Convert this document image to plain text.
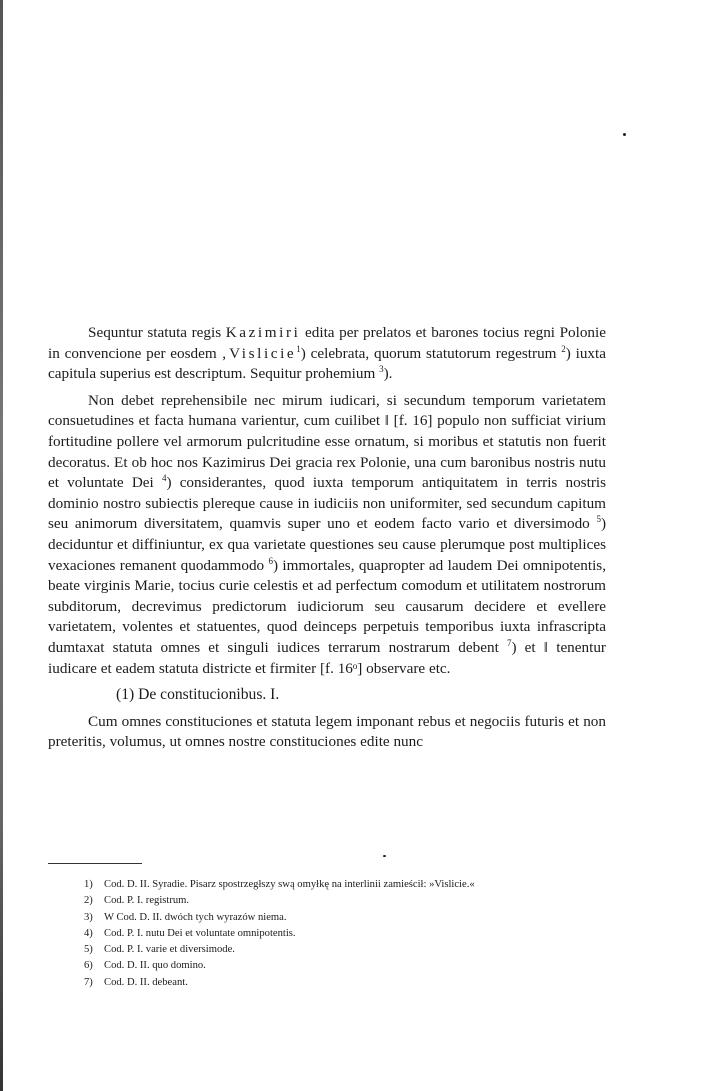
Sequntur statuta regis Kazimiri edita per prelatos et barones tocius regni Polonie in convencione per eosdem ‚Vislicie$^1$) celebrata, quorum statutorum regestrum $^2$) iuxta capitula superius est descriptum. Sequitur prohemium $^3$).

Non debet reprehensibile nec mirum iudicari, si secundum temporum varietatem consuetudines et facta humana varientur, cum cuilibet ‖ [f. 16] populo non sufficiat virium fortitudine pollere vel armorum pulcritudine esse ornatum, si moribus et statutis non fuerit decoratus. Et ob hoc nos Kazimirus Dei gracia rex Polonie, una cum baronibus nostris nutu et voluntate Dei $^4$) considerantes, quod iuxta temporum antiquitatem in terris nostris dominio nostro subiectis plereque cause in iudiciis non uniformiter, sed secundum capitum seu animorum diversitatem, quamvis super uno et eodem facto vario et diversimodo $^5$) deciduntur et diffiniuntur, ex qua varietate questiones seu cause plerumque post multiplices vexaciones remanent quodammodo $^6$) immortales, quapropter ad laudem Dei omnipotentis, beate virginis Marie, tocius curie celestis et ad perfectum comodum et utilitatem nostrorum subditorum, decrevimus predictorum iudiciorum seu causarum decidere et evellere varietatem, volentes et statuentes, quod deinceps perpetuis temporibus iuxta infrascripta dumtaxat statuta omnes et singuli iudices terrarum nostrarum debent $^7$) et ‖ tenentur iudicare et eadem statuta districte et firmiter [f. 16ᵒ] observare etc.

(1) De constitucionibus. I.

Cum omnes constituciones et statuta legem imponant rebus et negociis futuris et non preteritis, volumus, ut omnes nostre constituciones edite nunc

1) Cod. D. II. Syradie. Pisarz spostrzegłszy swą omyłkę na interlinii zamieścił: »Vislicie.«
2) Cod. P. I. registrum.
3) W Cod. D. II. dwóch tych wyrazów niema.
4) Cod. P. I. nutu Dei et voluntate omnipotentis.
5) Cod. P. I. varie et diversimode.
6) Cod. D. II. quo domino.
7) Cod. D. II. debeant.
